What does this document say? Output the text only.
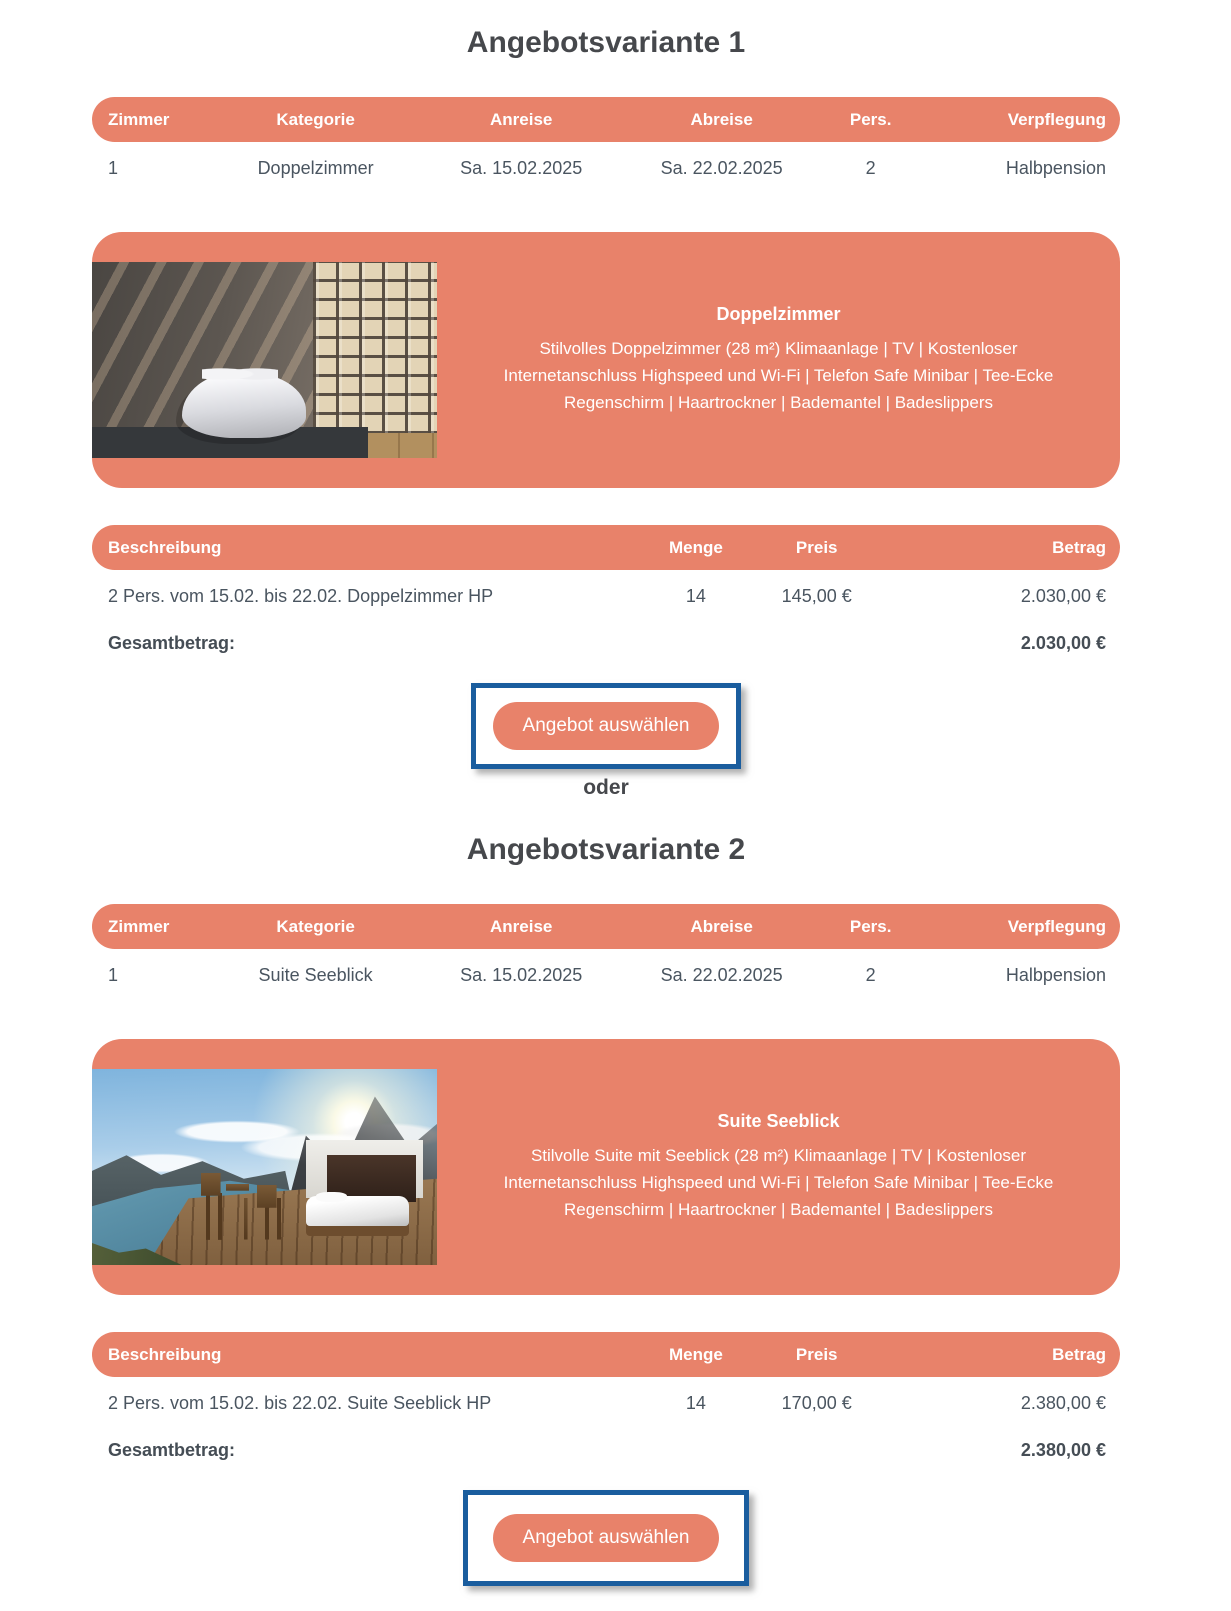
Angebotsvariante 1
Zimmer	Kategorie	Anreise	Abreise	Pers.	Verpflegung
1	Doppelzimmer	Sa. 15.02.2025	Sa. 22.02.2025	2	Halbpension
Doppelzimmer
Stilvolles Doppelzimmer (28 m²) Klimaanlage | TV | Kostenloser Internetanschluss Highspeed und Wi-Fi | Telefon Safe Minibar | Tee-Ecke Regenschirm | Haartrockner | Bademantel | Badeslippers
Beschreibung	Menge	Preis	Betrag
2 Pers. vom 15.02. bis 22.02. Doppelzimmer HP	14	145,00 €	2.030,00 €
Gesamtbetrag:	2.030,00 €
Angebot auswählen
oder
Angebotsvariante 2
Zimmer	Kategorie	Anreise	Abreise	Pers.	Verpflegung
1	Suite Seeblick	Sa. 15.02.2025	Sa. 22.02.2025	2	Halbpension
Suite Seeblick
Stilvolle Suite mit Seeblick (28 m²) Klimaanlage | TV | Kostenloser Internetanschluss Highspeed und Wi-Fi | Telefon Safe Minibar | Tee-Ecke Regenschirm | Haartrockner | Bademantel | Badeslippers
Beschreibung	Menge	Preis	Betrag
2 Pers. vom 15.02. bis 22.02. Suite Seeblick HP	14	170,00 €	2.380,00 €
Gesamtbetrag:	2.380,00 €
Angebot auswählen
